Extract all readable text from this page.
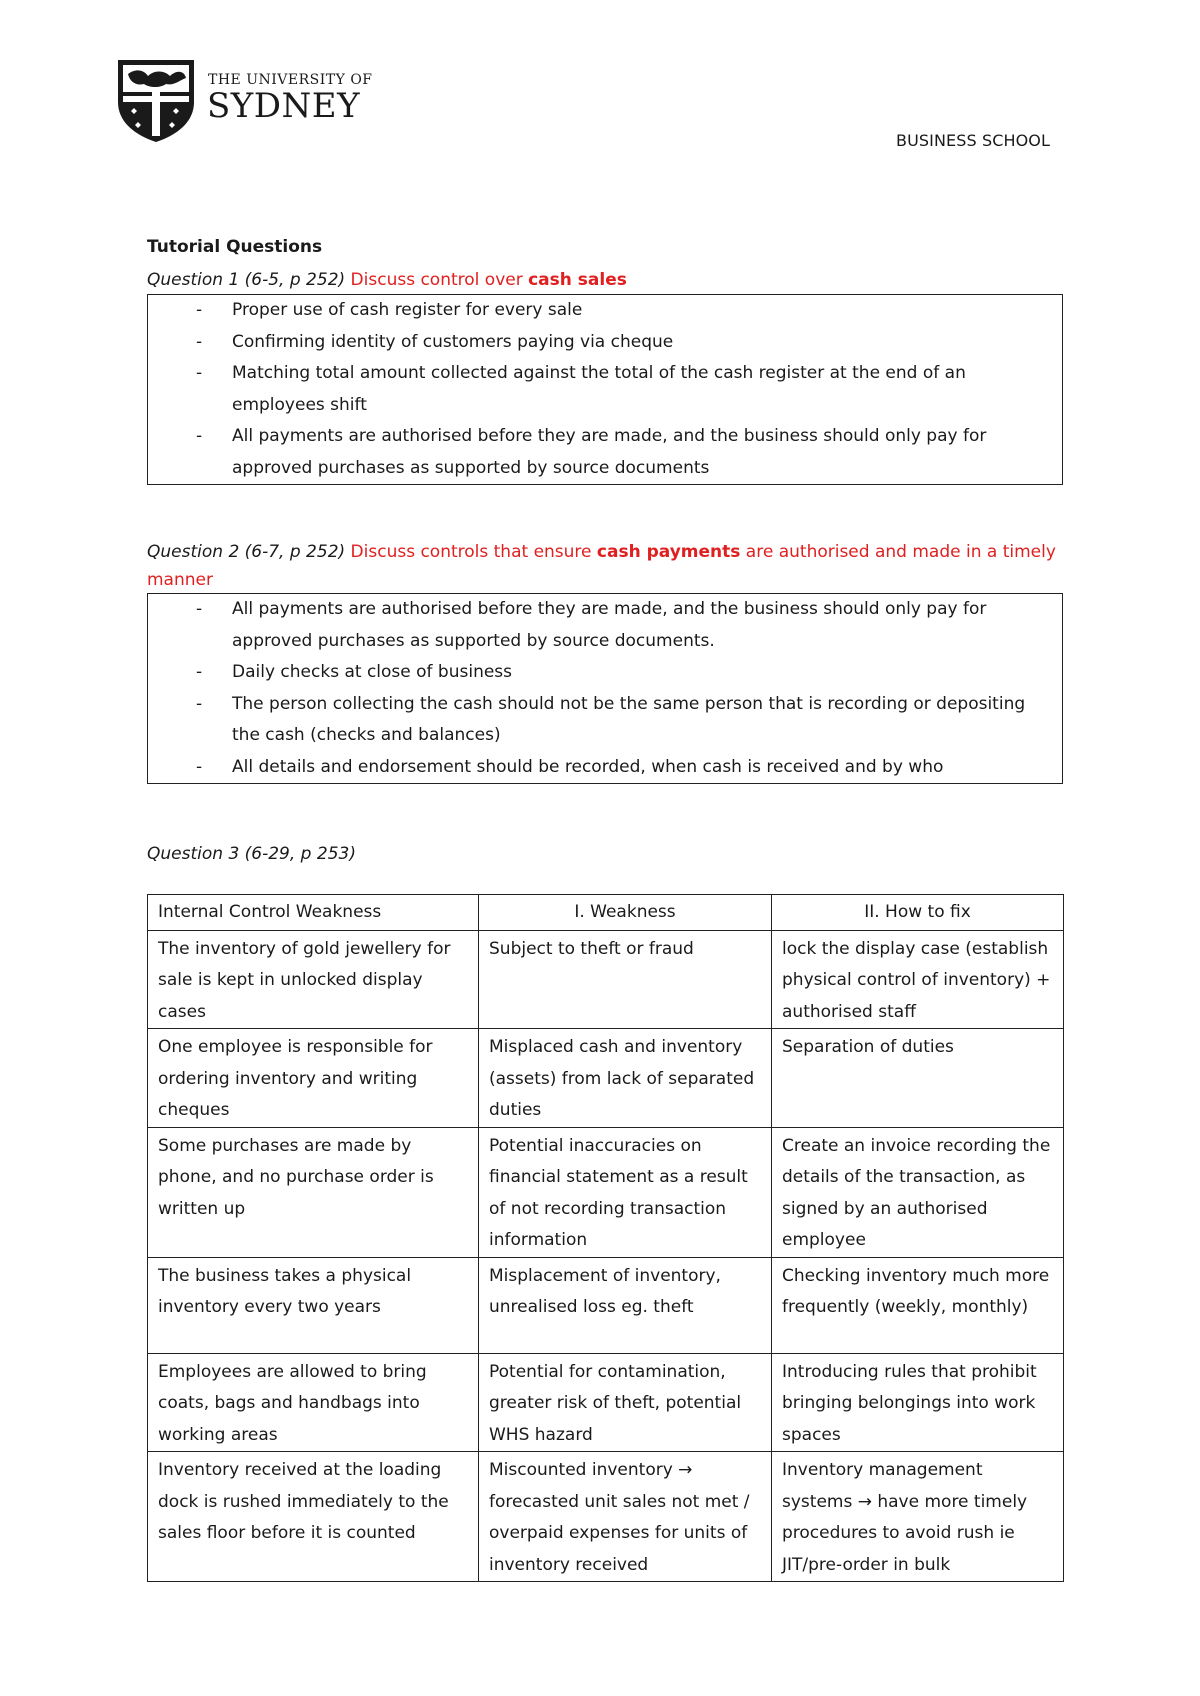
THE UNIVERSITY OF
SYDNEY
BUSINESS SCHOOL
Tutorial Questions
Question 1 (6-5, p 252) Discuss control over cash sales
- Proper use of cash register for every sale
- Confirming identity of customers paying via cheque
- Matching total amount collected against the total of the cash register at the end of an employees shift
- All payments are authorised before they are made, and the business should only pay for approved purchases as supported by source documents
Question 2 (6-7, p 252) Discuss controls that ensure cash payments are authorised and made in a timely manner
- All payments are authorised before they are made, and the business should only pay for approved purchases as supported by source documents.
- Daily checks at close of business
- The person collecting the cash should not be the same person that is recording or depositing the cash (checks and balances)
- All details and endorsement should be recorded, when cash is received and by who
Question 3 (6-29, p 253)
Internal Control Weakness	I. Weakness	II. How to fix
The inventory of gold jewellery for sale is kept in unlocked display cases	Subject to theft or fraud	lock the display case (establish physical control of inventory) + authorised staff
One employee is responsible for ordering inventory and writing cheques	Misplaced cash and inventory (assets) from lack of separated duties	Separation of duties
Some purchases are made by phone, and no purchase order is written up	Potential inaccuracies on financial statement as a result of not recording transaction information	Create an invoice recording the details of the transaction, as signed by an authorised employee
The business takes a physical inventory every two years	Misplacement of inventory, unrealised loss eg. theft	Checking inventory much more frequently (weekly, monthly)
Employees are allowed to bring coats, bags and handbags into working areas	Potential for contamination, greater risk of theft, potential WHS hazard	Introducing rules that prohibit bringing belongings into work spaces
Inventory received at the loading dock is rushed immediately to the sales floor before it is counted	Miscounted inventory → forecasted unit sales not met / overpaid expenses for units of inventory received	Inventory management systems → have more timely procedures to avoid rush ie JIT/pre-order in bulk
